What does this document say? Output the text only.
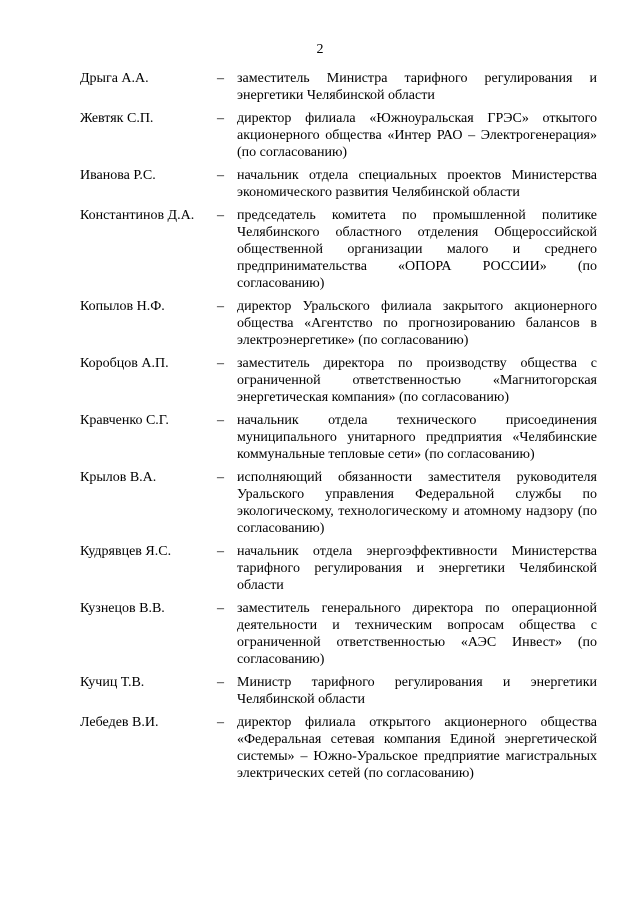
2
Дрыга А.А.	– заместитель Министра тарифного регулирования и энергетики Челябинской области
Жевтяк С.П.	– директор филиала «Южноуральская ГРЭС» откытого акционерного общества «Интер РАО – Электрогенерация» (по согласованию)
Иванова Р.С.	– начальник отдела специальных проектов Министерства экономического развития Челябинской области
Константинов Д.А. – председатель комитета по промышленной политике Челябинского областного отделения Общероссийской общественной организации малого и среднего предпринимательства «ОПОРА РОССИИ» (по согласованию)
Копылов Н.Ф.	– директор Уральского филиала закрытого акционерного общества «Агентство по прогнозированию балансов в электроэнергетике» (по согласованию)
Коробцов А.П.	– заместитель директора по производству общества с ограниченной ответственностью «Магнитогорская энергетическая компания» (по согласованию)
Кравченко С.Г.	– начальник отдела технического присоединения муниципального унитарного предприятия «Челябинские коммунальные тепловые сети» (по согласованию)
Крылов В.А.	– исполняющий обязанности заместителя руководителя Уральского управления Федеральной службы по экологическому, технологическому и атомному надзору (по согласованию)
Кудрявцев Я.С.	– начальник отдела энергоэффективности Министерства тарифного регулирования и энергетики Челябинской области
Кузнецов В.В.	– заместитель генерального директора по операционной деятельности и техническим вопросам общества с ограниченной ответственностью «АЭС Инвест» (по согласованию)
Кучиц Т.В.	– Министр тарифного регулирования и энергетики Челябинской области
Лебедев В.И.	– директор филиала открытого акционерного общества «Федеральная сетевая компания Единой энергетической системы» – Южно-Уральское предприятие магистральных электрических сетей (по согласованию)
